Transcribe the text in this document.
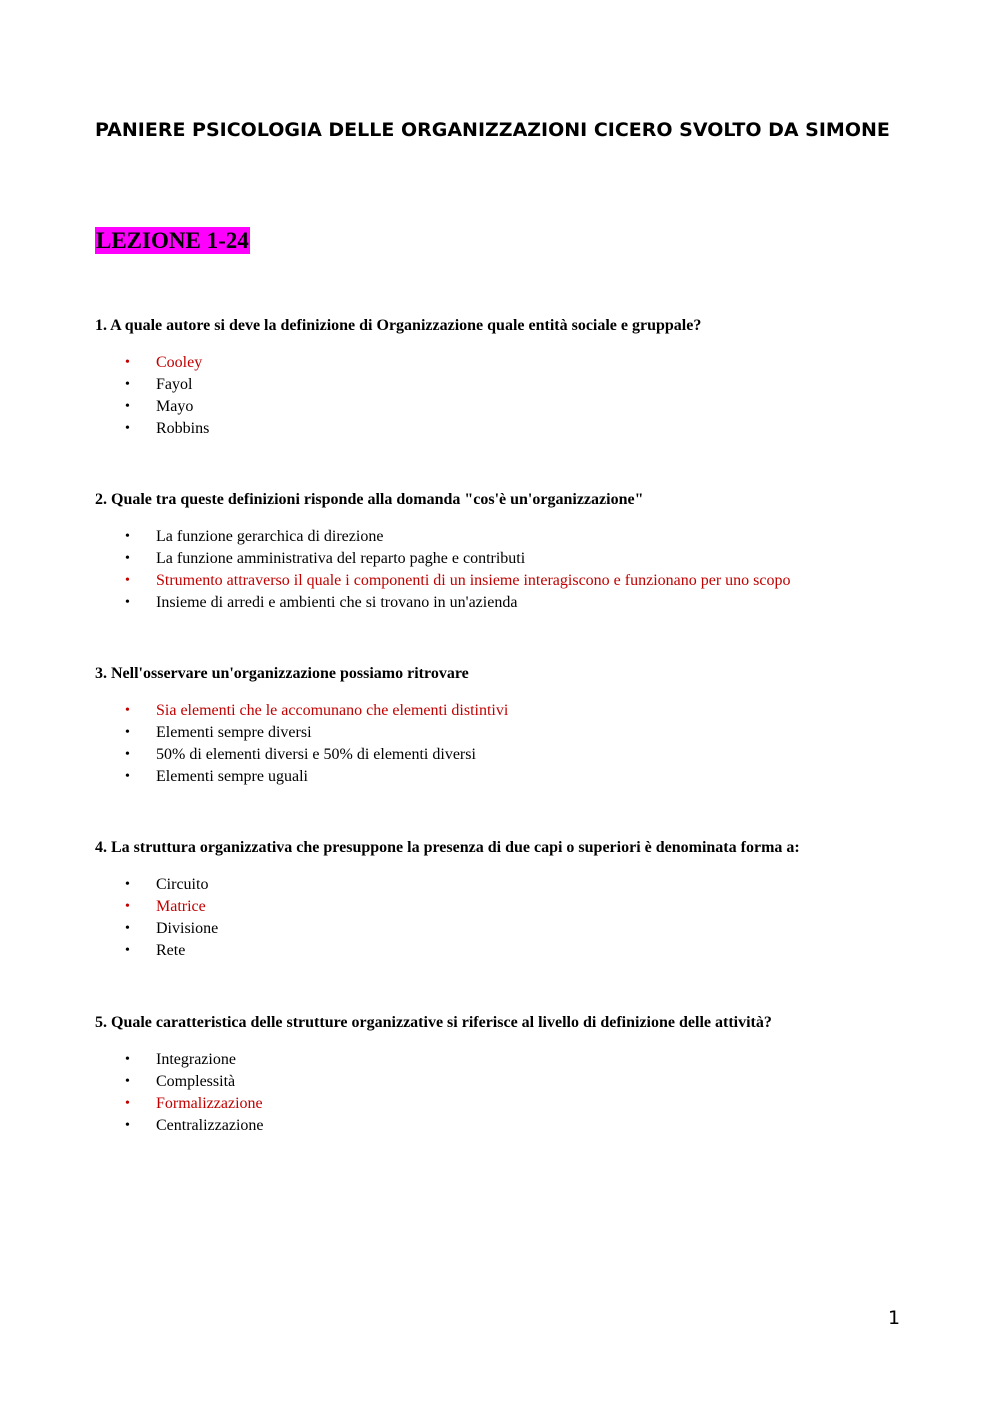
PANIERE PSICOLOGIA DELLE ORGANIZZAZIONI CICERO SVOLTO DA SIMONE
LEZIONE 1-24

1. A quale autore si deve la definizione di Organizzazione quale entità sociale e gruppale?

• Cooley
• Fayol
• Mayo
• Robbins

2. Quale tra queste definizioni risponde alla domanda "cos'è un'organizzazione"

• La funzione gerarchica di direzione
• La funzione amministrativa del reparto paghe e contributi
• Strumento attraverso il quale i componenti di un insieme interagiscono e funzionano per uno scopo
• Insieme di arredi e ambienti che si trovano in un'azienda

3. Nell'osservare un'organizzazione possiamo ritrovare

• Sia elementi che le accomunano che elementi distintivi
• Elementi sempre diversi
• 50% di elementi diversi e 50% di elementi diversi
• Elementi sempre uguali

4. La struttura organizzativa che presuppone la presenza di due capi o superiori è denominata forma a:

• Circuito
• Matrice
• Divisione
• Rete

5. Quale caratteristica delle strutture organizzative si riferisce al livello di definizione delle attività?

• Integrazione
• Complessità
• Formalizzazione
• Centralizzazione
1
